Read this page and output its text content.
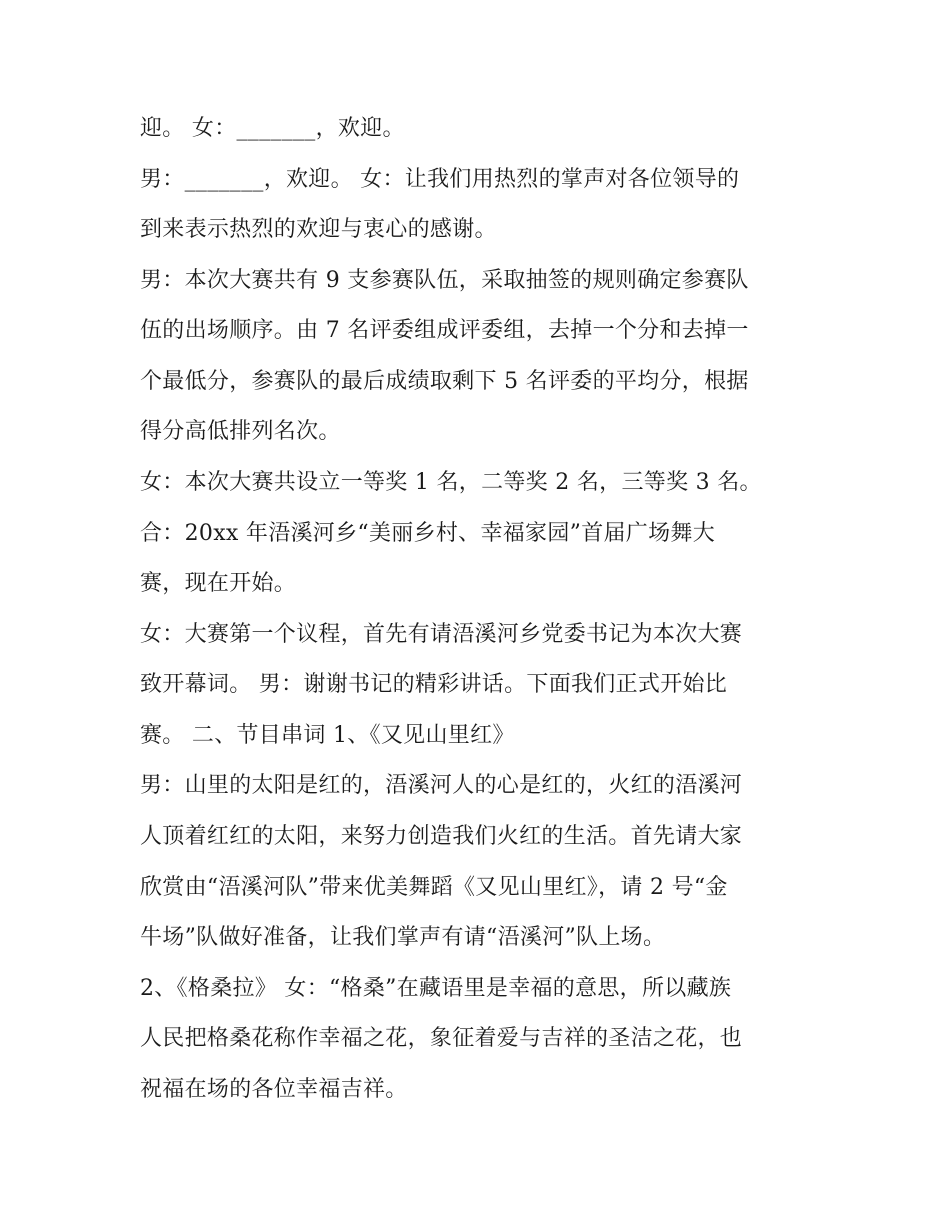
迎。 女：_______，欢迎。
男：_______，欢迎。 女：让我们用热烈的掌声对各位领导的
到来表示热烈的欢迎与衷心的感谢。
男：本次大赛共有 9 支参赛队伍，采取抽签的规则确定参赛队
伍的出场顺序。由 7 名评委组成评委组，去掉一个分和去掉一
个最低分，参赛队的最后成绩取剩下 5 名评委的平均分，根据
得分高低排列名次。
女：本次大赛共设立一等奖 1 名，二等奖 2 名，三等奖 3 名。
合：20xx 年浯溪河乡“美丽乡村、幸福家园”首届广场舞大
赛，现在开始。
女：大赛第一个议程，首先有请浯溪河乡党委书记为本次大赛
致开幕词。 男：谢谢书记的精彩讲话。下面我们正式开始比
赛。 二、节目串词 1、《又见山里红》
男：山里的太阳是红的，浯溪河人的心是红的，火红的浯溪河
人顶着红红的太阳，来努力创造我们火红的生活。首先请大家
欣赏由“浯溪河队”带来优美舞蹈《又见山里红》，请 2 号“金
牛场”队做好准备，让我们掌声有请“浯溪河”队上场。
2、《格桑拉》 女：“格桑”在藏语里是幸福的意思，所以藏族
人民把格桑花称作幸福之花，象征着爱与吉祥的圣洁之花，也
祝福在场的各位幸福吉祥。
